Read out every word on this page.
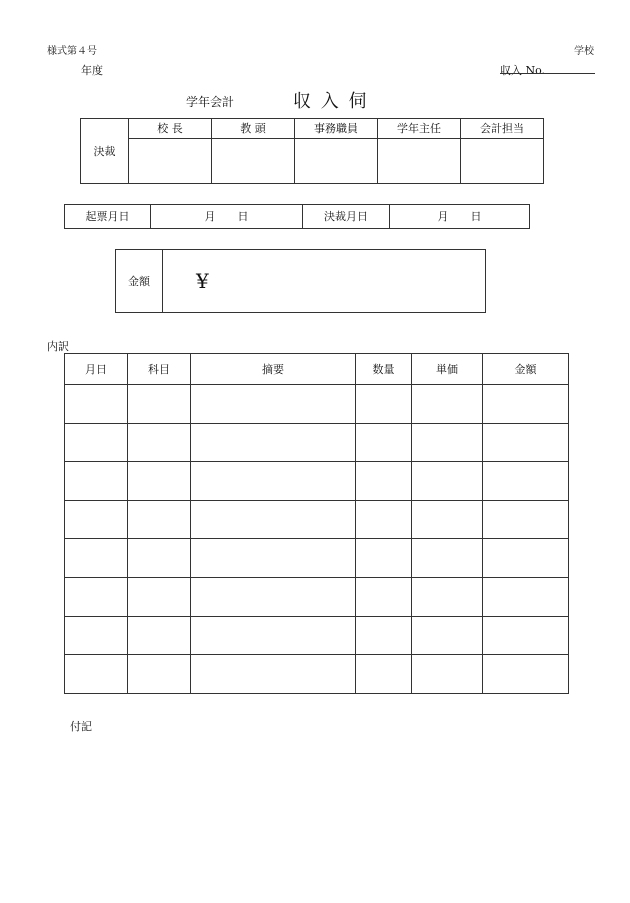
様式第４号	学校
年度	収入 No.
学年会計	収 入 伺
決裁	校 長	教 頭	事務職員	学年主任	会計担当

起票月日	月　　日	決裁月日	月　　日
金額	¥
内訳
月日	科目	摘要	数量	単価	金額

付記
